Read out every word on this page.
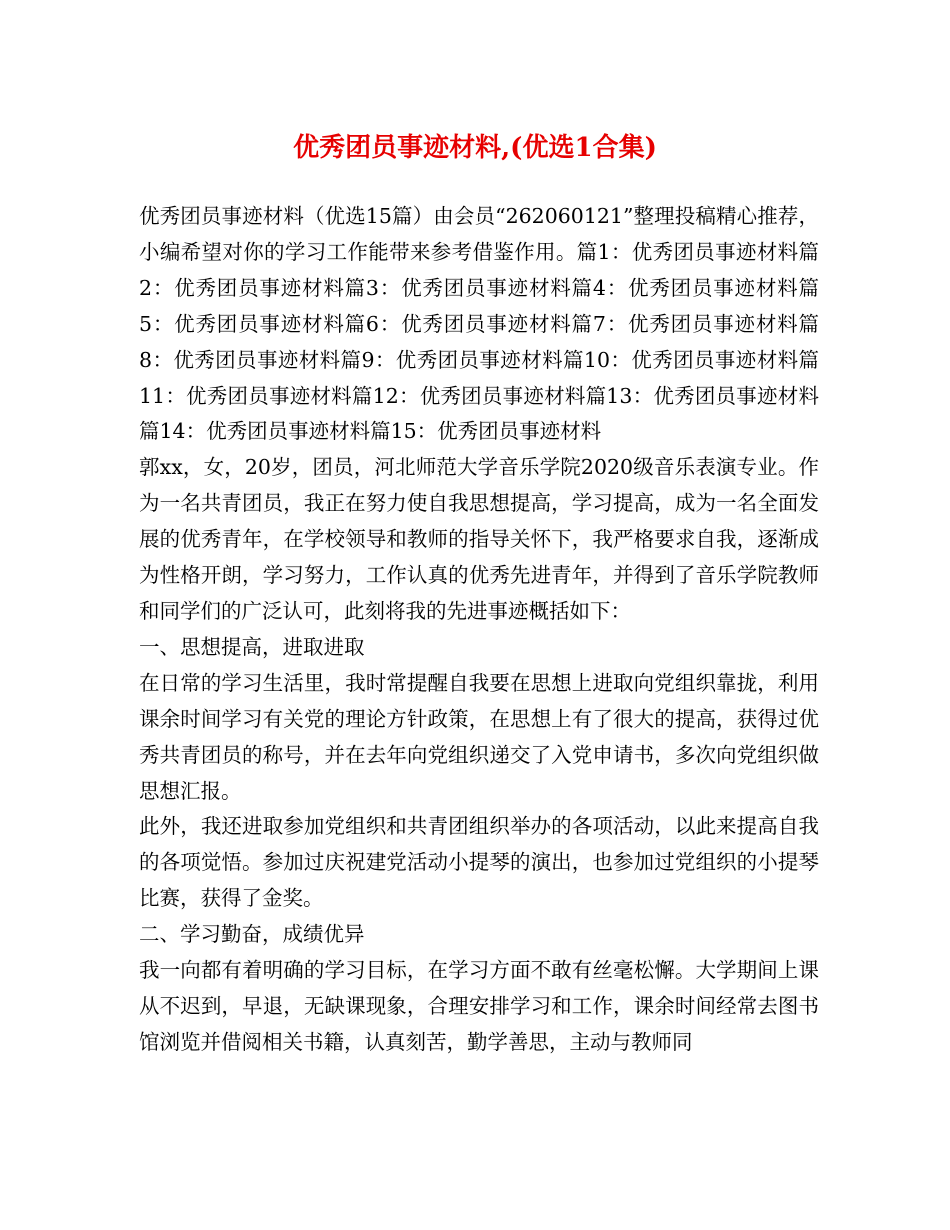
优秀团员事迹材料,(优选1合集)

优秀团员事迹材料（优选15篇）由会员“262060121”整理投稿精心推荐，小编希望对你的学习工作能带来参考借鉴作用。篇1：优秀团员事迹材料篇2：优秀团员事迹材料篇3：优秀团员事迹材料篇4：优秀团员事迹材料篇5：优秀团员事迹材料篇6：优秀团员事迹材料篇7：优秀团员事迹材料篇8：优秀团员事迹材料篇9：优秀团员事迹材料篇10：优秀团员事迹材料篇11：优秀团员事迹材料篇12：优秀团员事迹材料篇13：优秀团员事迹材料篇14：优秀团员事迹材料篇15：优秀团员事迹材料

郭xx，女，20岁，团员，河北师范大学音乐学院2020级音乐表演专业。作为一名共青团员，我正在努力使自我思想提高，学习提高，成为一名全面发展的优秀青年，在学校领导和教师的指导关怀下，我严格要求自我，逐渐成为性格开朗，学习努力，工作认真的优秀先进青年，并得到了音乐学院教师和同学们的广泛认可，此刻将我的先进事迹概括如下：

一、思想提高，进取进取

在日常的学习生活里，我时常提醒自我要在思想上进取向党组织靠拢，利用课余时间学习有关党的理论方针政策，在思想上有了很大的提高，获得过优秀共青团员的称号，并在去年向党组织递交了入党申请书，多次向党组织做思想汇报。

此外，我还进取参加党组织和共青团组织举办的各项活动，以此来提高自我的各项觉悟。参加过庆祝建党活动小提琴的演出，也参加过党组织的小提琴比赛，获得了金奖。

二、学习勤奋，成绩优异

我一向都有着明确的学习目标，在学习方面不敢有丝毫松懈。大学期间上课从不迟到，早退，无缺课现象，合理安排学习和工作，课余时间经常去图书馆浏览并借阅相关书籍，认真刻苦，勤学善思，主动与教师同
